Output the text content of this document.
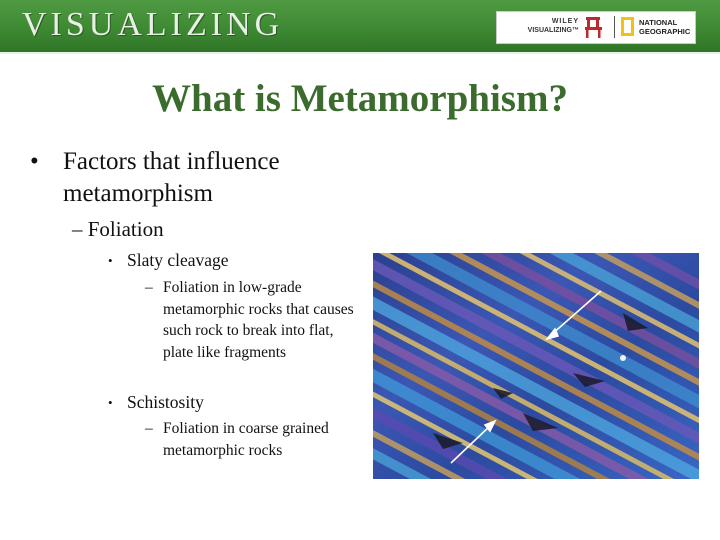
VISUALIZING	WILEY
VISUALIZING™
NATIONAL
GEOGRAPHIC
What is Metamorphism?
• Factors that influence metamorphism
– Foliation
• Slaty cleavage
– Foliation in low-grade metamorphic rocks that causes such rock to break into flat, plate like fragments
• Schistosity
– Foliation in coarse grained metamorphic rocks
